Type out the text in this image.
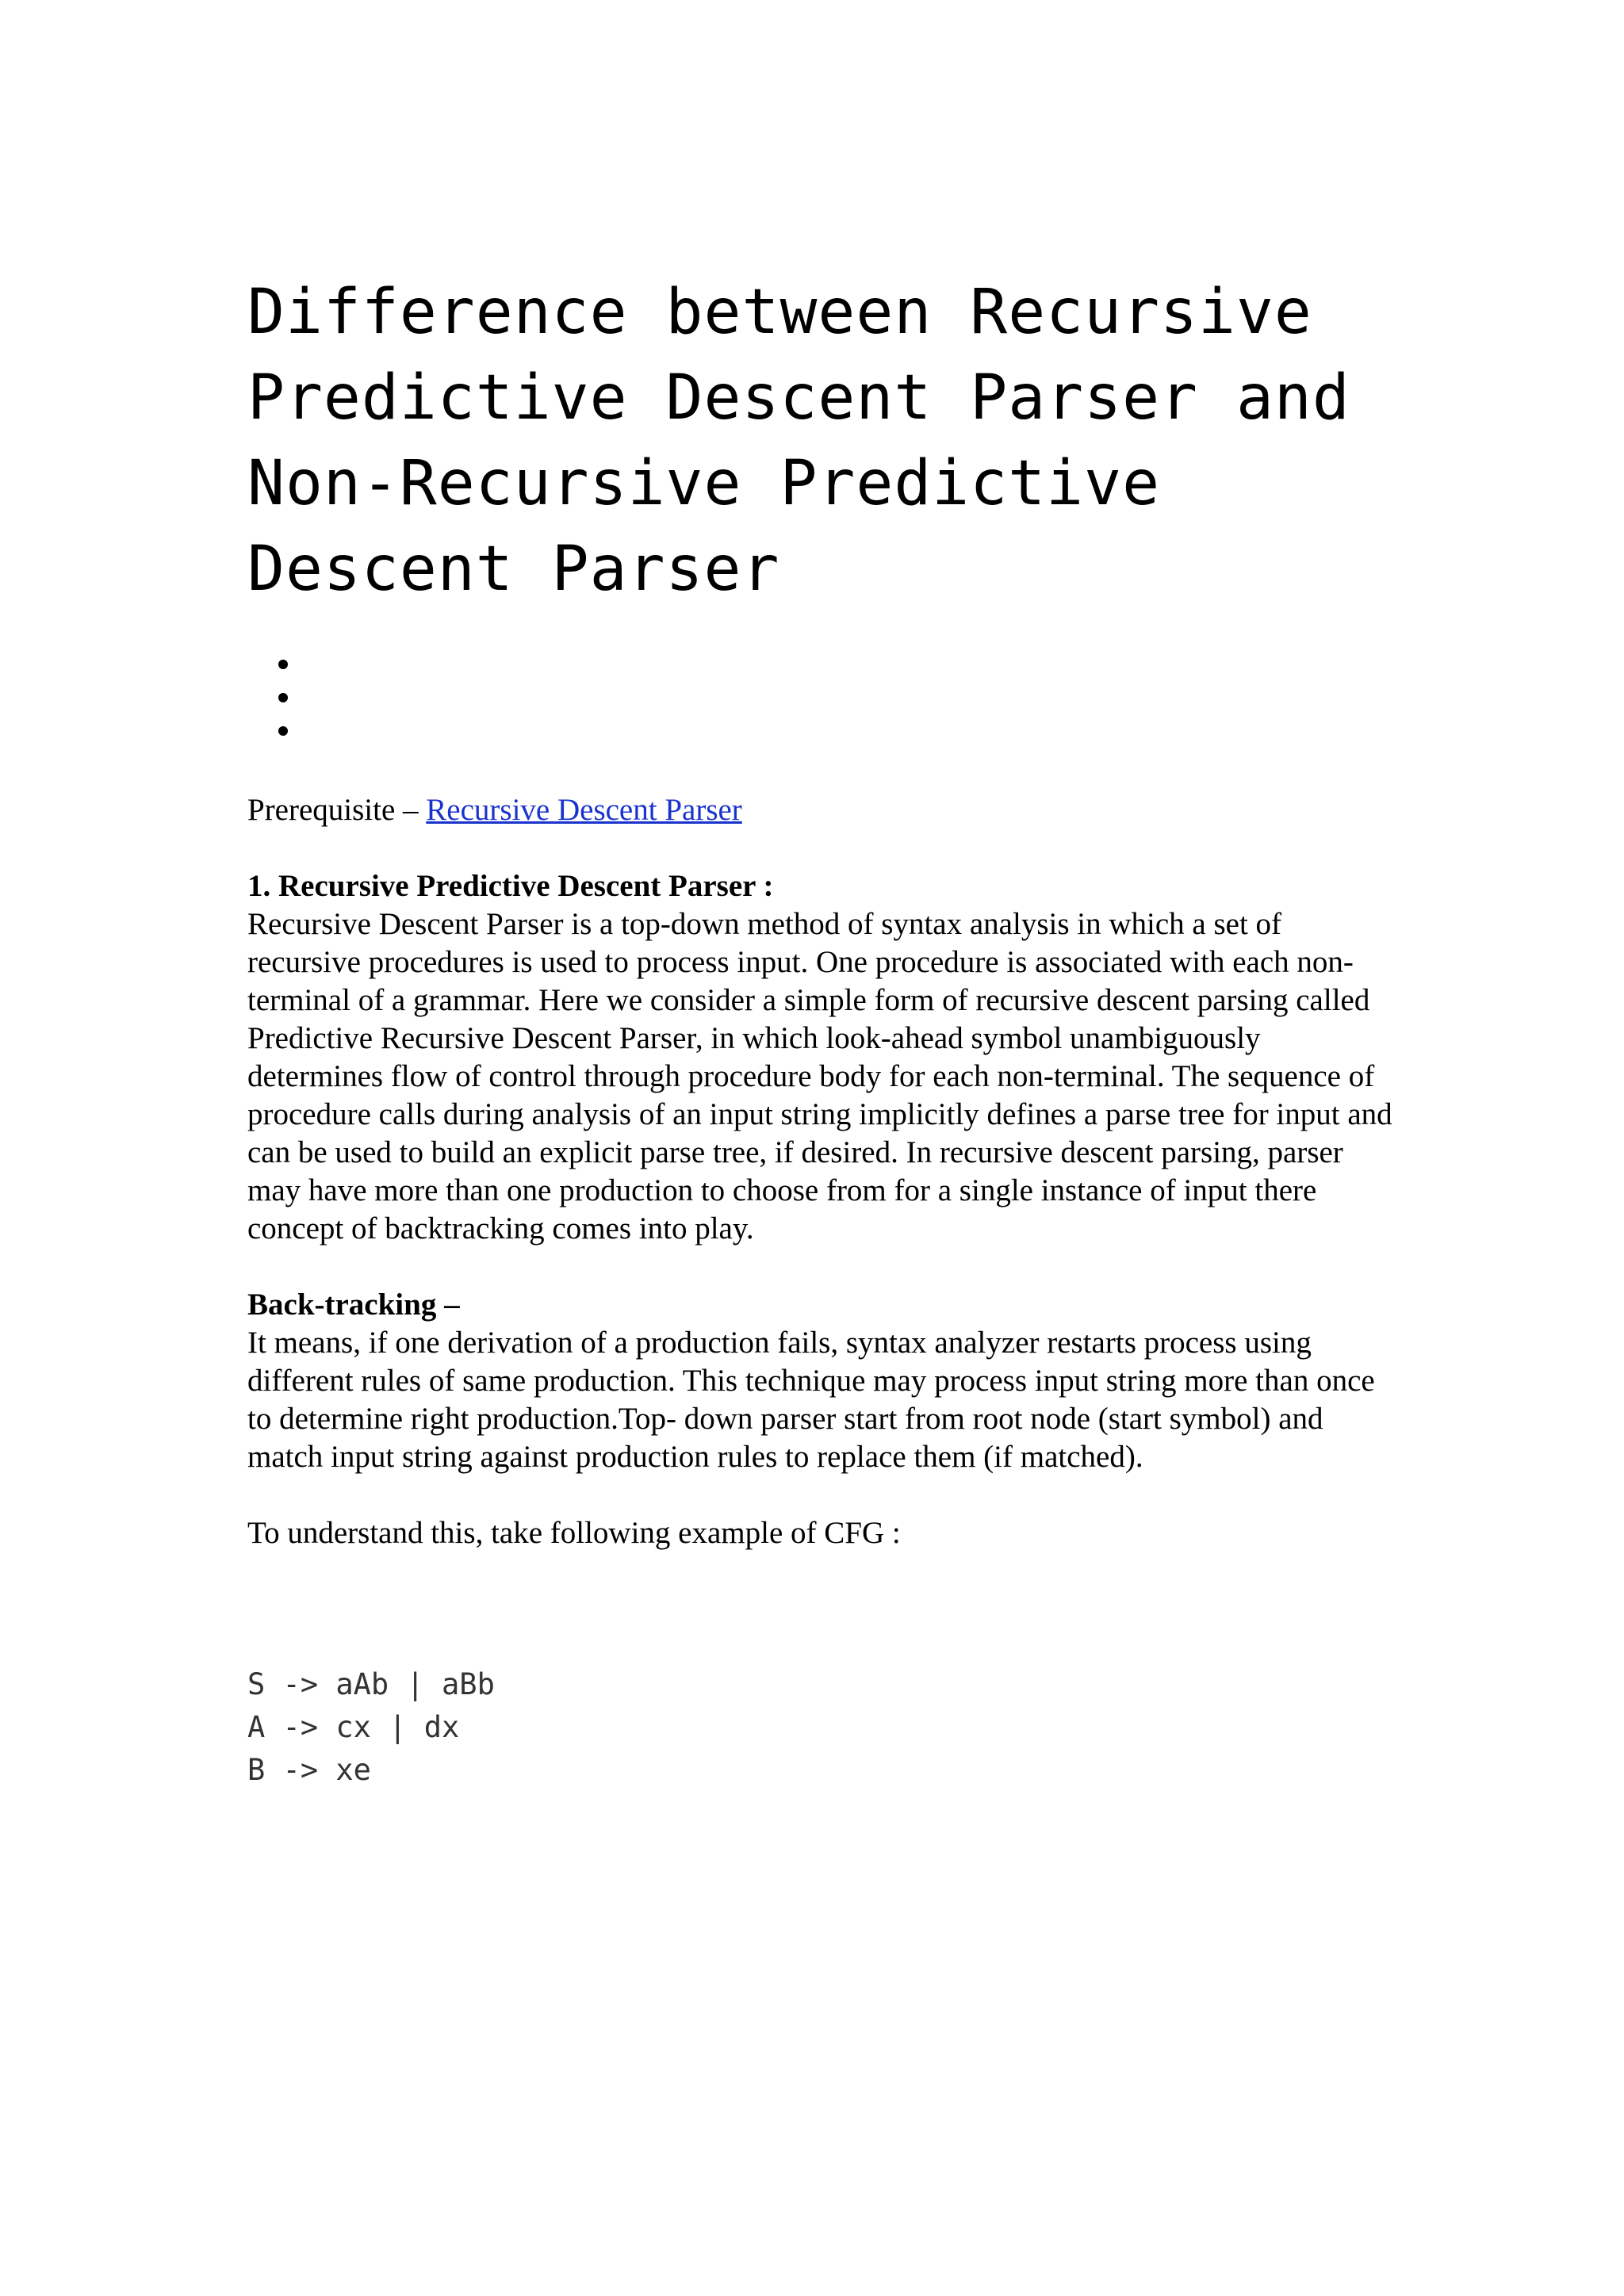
Difference between Recursive Predictive Descent Parser and Non-Recursive Predictive Descent Parser
•
•
•
Prerequisite – Recursive Descent Parser
1. Recursive Predictive Descent Parser :

Recursive Descent Parser is a top-down method of syntax analysis in which a set of recursive procedures is used to process input. One procedure is associated with each non-terminal of a grammar. Here we consider a simple form of recursive descent parsing called Predictive Recursive Descent Parser, in which look-ahead symbol unambiguously determines flow of control through procedure body for each non-terminal. The sequence of procedure calls during analysis of an input string implicitly defines a parse tree for input and can be used to build an explicit parse tree, if desired. In recursive descent parsing, parser may have more than one production to choose from for a single instance of input there concept of backtracking comes into play.

Back-tracking –

It means, if one derivation of a production fails, syntax analyzer restarts process using different rules of same production. This technique may process input string more than once to determine right production.Top- down parser start from root node (start symbol) and match input string against production rules to replace them (if matched).

To understand this, take following example of CFG :

S -> aAb | aBb
A -> cx | dx
B -> xe
